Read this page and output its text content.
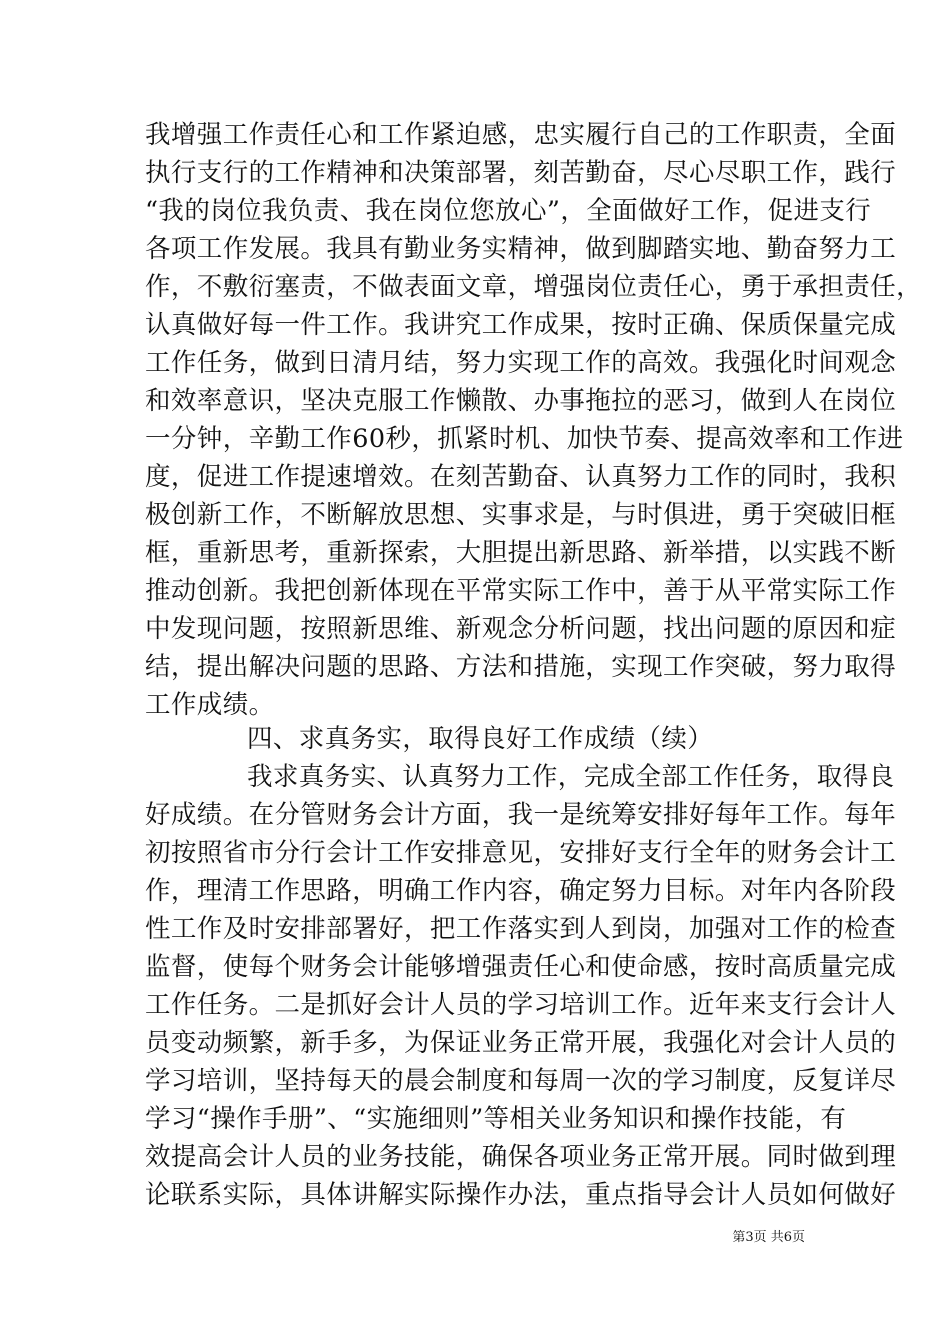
我增强工作责任心和工作紧迫感，忠实履行自己的工作职责，全面
执行支行的工作精神和决策部署，刻苦勤奋，尽心尽职工作，践行
“我的岗位我负责、我在岗位您放心”，全面做好工作，促进支行
各项工作发展。我具有勤业务实精神，做到脚踏实地、勤奋努力工
作，不敷衍塞责，不做表面文章，增强岗位责任心，勇于承担责任，
认真做好每一件工作。我讲究工作成果，按时正确、保质保量完成
工作任务，做到日清月结，努力实现工作的高效。我强化时间观念
和效率意识，坚决克服工作懒散、办事拖拉的恶习，做到人在岗位
一分钟，辛勤工作60秒，抓紧时机、加快节奏、提高效率和工作进
度，促进工作提速增效。在刻苦勤奋、认真努力工作的同时，我积
极创新工作，不断解放思想、实事求是，与时俱进，勇于突破旧框
框，重新思考，重新探索，大胆提出新思路、新举措，以实践不断
推动创新。我把创新体现在平常实际工作中，善于从平常实际工作
中发现问题，按照新思维、新观念分析问题，找出问题的原因和症
结，提出解决问题的思路、方法和措施，实现工作突破，努力取得
工作成绩。
四、求真务实，取得良好工作成绩（续）
我求真务实、认真努力工作，完成全部工作任务，取得良
好成绩。在分管财务会计方面，我一是统筹安排好每年工作。每年
初按照省市分行会计工作安排意见，安排好支行全年的财务会计工
作，理清工作思路，明确工作内容，确定努力目标。对年内各阶段
性工作及时安排部署好，把工作落实到人到岗，加强对工作的检查
监督，使每个财务会计能够增强责任心和使命感，按时高质量完成
工作任务。二是抓好会计人员的学习培训工作。近年来支行会计人
员变动频繁，新手多，为保证业务正常开展，我强化对会计人员的
学习培训，坚持每天的晨会制度和每周一次的学习制度，反复详尽
学习“操作手册”、“实施细则”等相关业务知识和操作技能，有
效提高会计人员的业务技能，确保各项业务正常开展。同时做到理
论联系实际，具体讲解实际操作办法，重点指导会计人员如何做好
第3页 共6页
